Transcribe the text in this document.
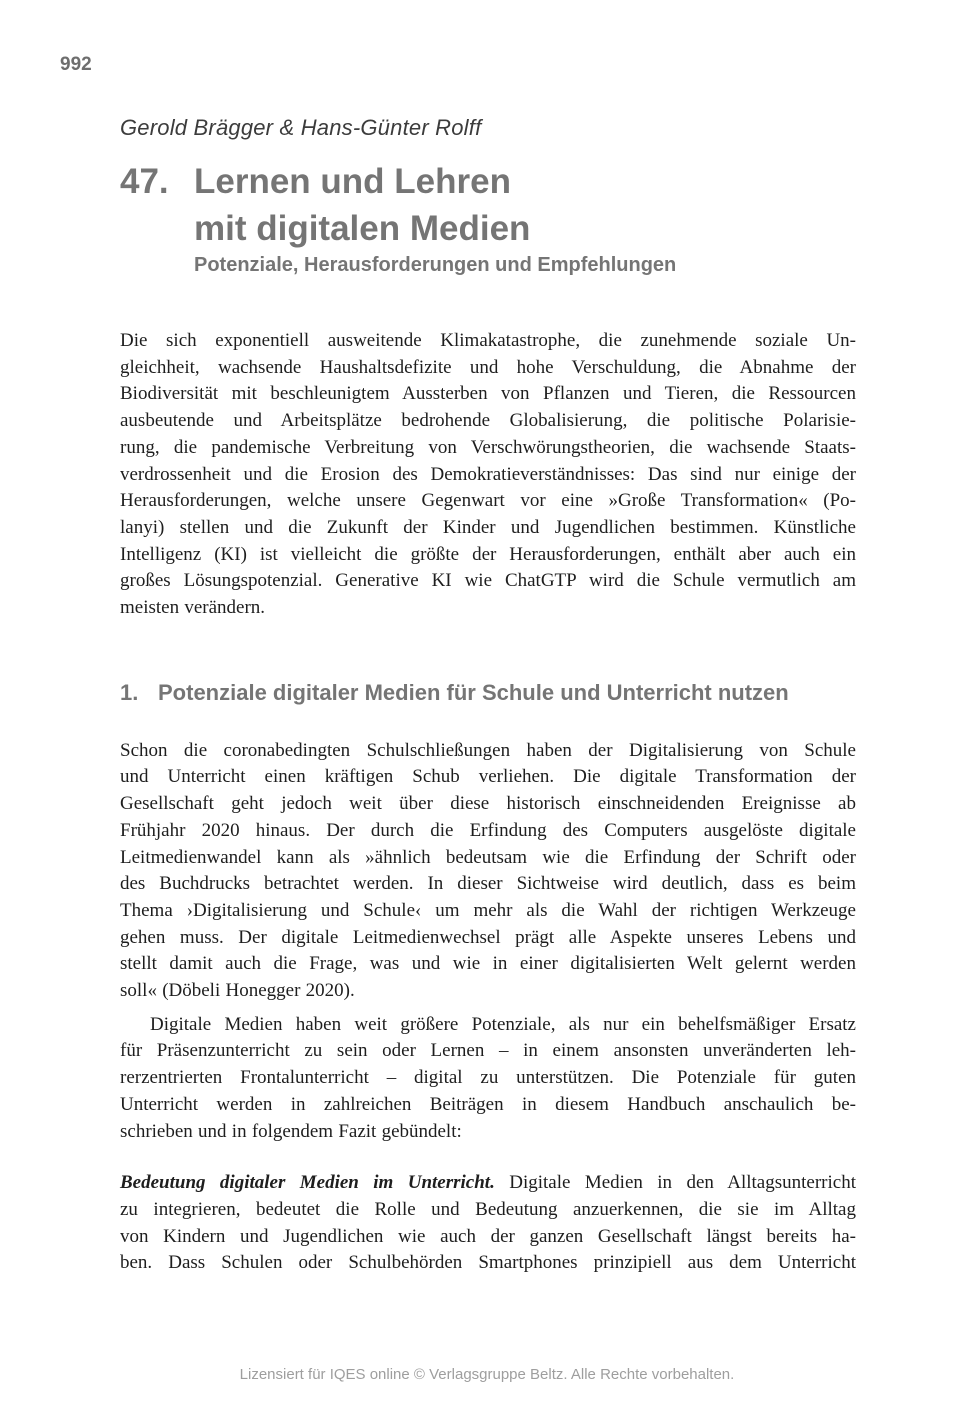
992
Gerold Brägger & Hans-Günter Rolff
47. Lernen und Lehren
mit digitalen Medien
Potenziale, Herausforderungen und Empfehlungen
Die sich exponentiell ausweitende Klimakatastrophe, die zunehmende soziale Un-
gleichheit, wachsende Haushaltsdefizite und hohe Verschuldung, die Abnahme der
Biodiversität mit beschleunigtem Aussterben von Pflanzen und Tieren, die Ressourcen
ausbeutende und Arbeitsplätze bedrohende Globalisierung, die politische Polarisie-
rung, die pandemische Verbreitung von Verschwörungstheorien, die wachsende Staats-
verdrossenheit und die Erosion des Demokratieverständnisses: Das sind nur einige der
Herausforderungen, welche unsere Gegenwart vor eine »Große Transformation« (Po-
lanyi) stellen und die Zukunft der Kinder und Jugendlichen bestimmen. Künstliche
Intelligenz (KI) ist vielleicht die größte der Herausforderungen, enthält aber auch ein
großes Lösungspotenzial. Generative KI wie ChatGTP wird die Schule vermutlich am
meisten verändern.
1. Potenziale digitaler Medien für Schule und Unterricht nutzen
Schon die coronabedingten Schulschließungen haben der Digitalisierung von Schule
und Unterricht einen kräftigen Schub verliehen. Die digitale Transformation der
Gesellschaft geht jedoch weit über diese historisch einschneidenden Ereignisse ab
Frühjahr 2020 hinaus. Der durch die Erfindung des Computers ausgelöste digitale
Leitmedienwandel kann als »ähnlich bedeutsam wie die Erfindung der Schrift oder
des Buchdrucks betrachtet werden. In dieser Sichtweise wird deutlich, dass es beim
Thema ›Digitalisierung und Schule‹ um mehr als die Wahl der richtigen Werkzeuge
gehen muss. Der digitale Leitmedienwechsel prägt alle Aspekte unseres Lebens und
stellt damit auch die Frage, was und wie in einer digitalisierten Welt gelernt werden
soll« (Döbeli Honegger 2020).
Digitale Medien haben weit größere Potenziale, als nur ein behelfsmäßiger Ersatz
für Präsenzunterricht zu sein oder Lernen – in einem ansonsten unveränderten leh-
rerzentrierten Frontalunterricht – digital zu unterstützen. Die Potenziale für guten
Unterricht werden in zahlreichen Beiträgen in diesem Handbuch anschaulich be-
schrieben und in folgendem Fazit gebündelt:
Bedeutung digitaler Medien im Unterricht. Digitale Medien in den Alltagsunterricht
zu integrieren, bedeutet die Rolle und Bedeutung anzuerkennen, die sie im Alltag
von Kindern und Jugendlichen wie auch der ganzen Gesellschaft längst bereits ha-
ben. Dass Schulen oder Schulbehörden Smartphones prinzipiell aus dem Unterricht
Lizensiert für IQES online © Verlagsgruppe Beltz. Alle Rechte vorbehalten.
